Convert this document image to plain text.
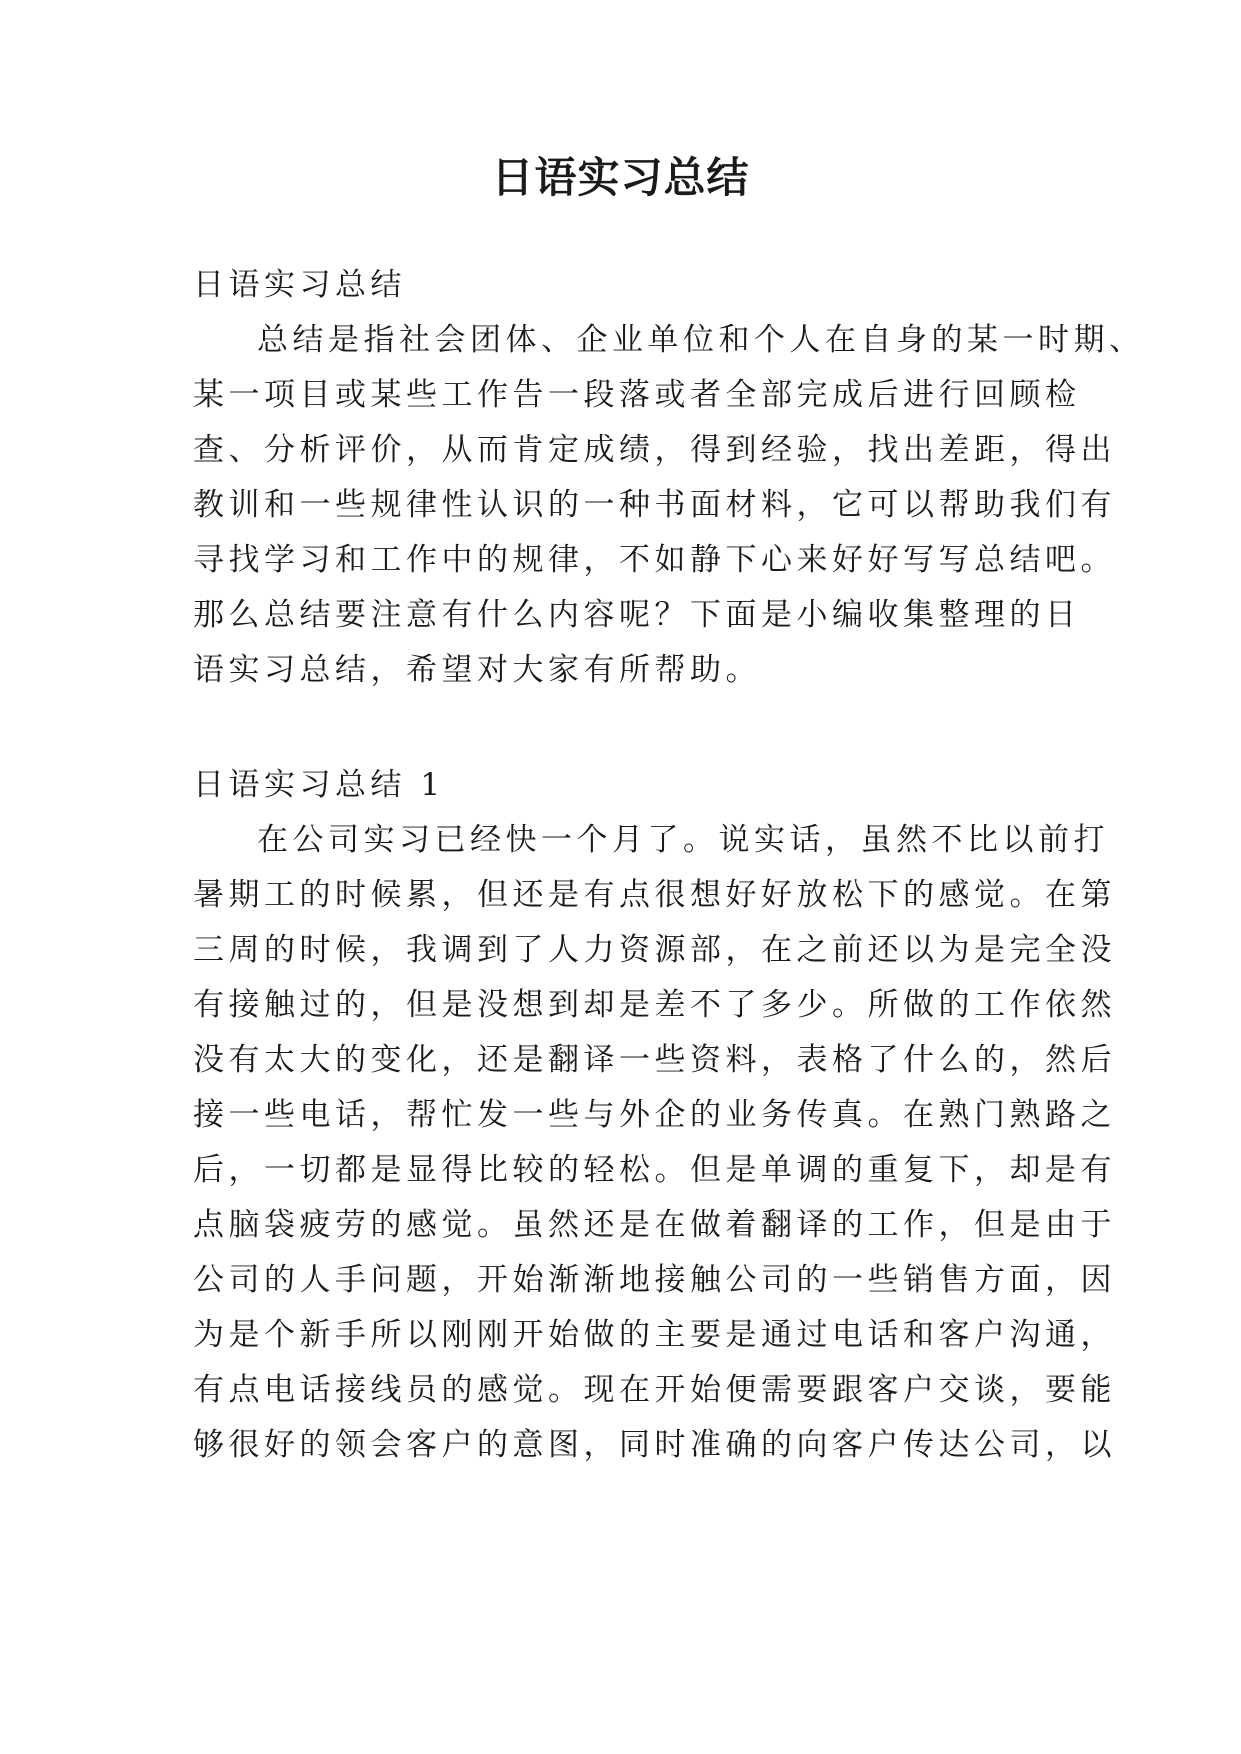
日语实习总结
日语实习总结
总结是指社会团体、企业单位和个人在自身的某一时期、
某一项目或某些工作告一段落或者全部完成后进行回顾检
查、分析评价，从而肯定成绩，得到经验，找出差距，得出
教训和一些规律性认识的一种书面材料，它可以帮助我们有
寻找学习和工作中的规律，不如静下心来好好写写总结吧。
那么总结要注意有什么内容呢？下面是小编收集整理的日
语实习总结，希望对大家有所帮助。
日语实习总结 1
在公司实习已经快一个月了。说实话，虽然不比以前打
暑期工的时候累，但还是有点很想好好放松下的感觉。在第
三周的时候，我调到了人力资源部，在之前还以为是完全没
有接触过的，但是没想到却是差不了多少。所做的工作依然
没有太大的变化，还是翻译一些资料，表格了什么的，然后
接一些电话，帮忙发一些与外企的业务传真。在熟门熟路之
后，一切都是显得比较的轻松。但是单调的重复下，却是有
点脑袋疲劳的感觉。虽然还是在做着翻译的工作，但是由于
公司的人手问题，开始渐渐地接触公司的一些销售方面，因
为是个新手所以刚刚开始做的主要是通过电话和客户沟通，
有点电话接线员的感觉。现在开始便需要跟客户交谈，要能
够很好的领会客户的意图，同时准确的向客户传达公司，以
